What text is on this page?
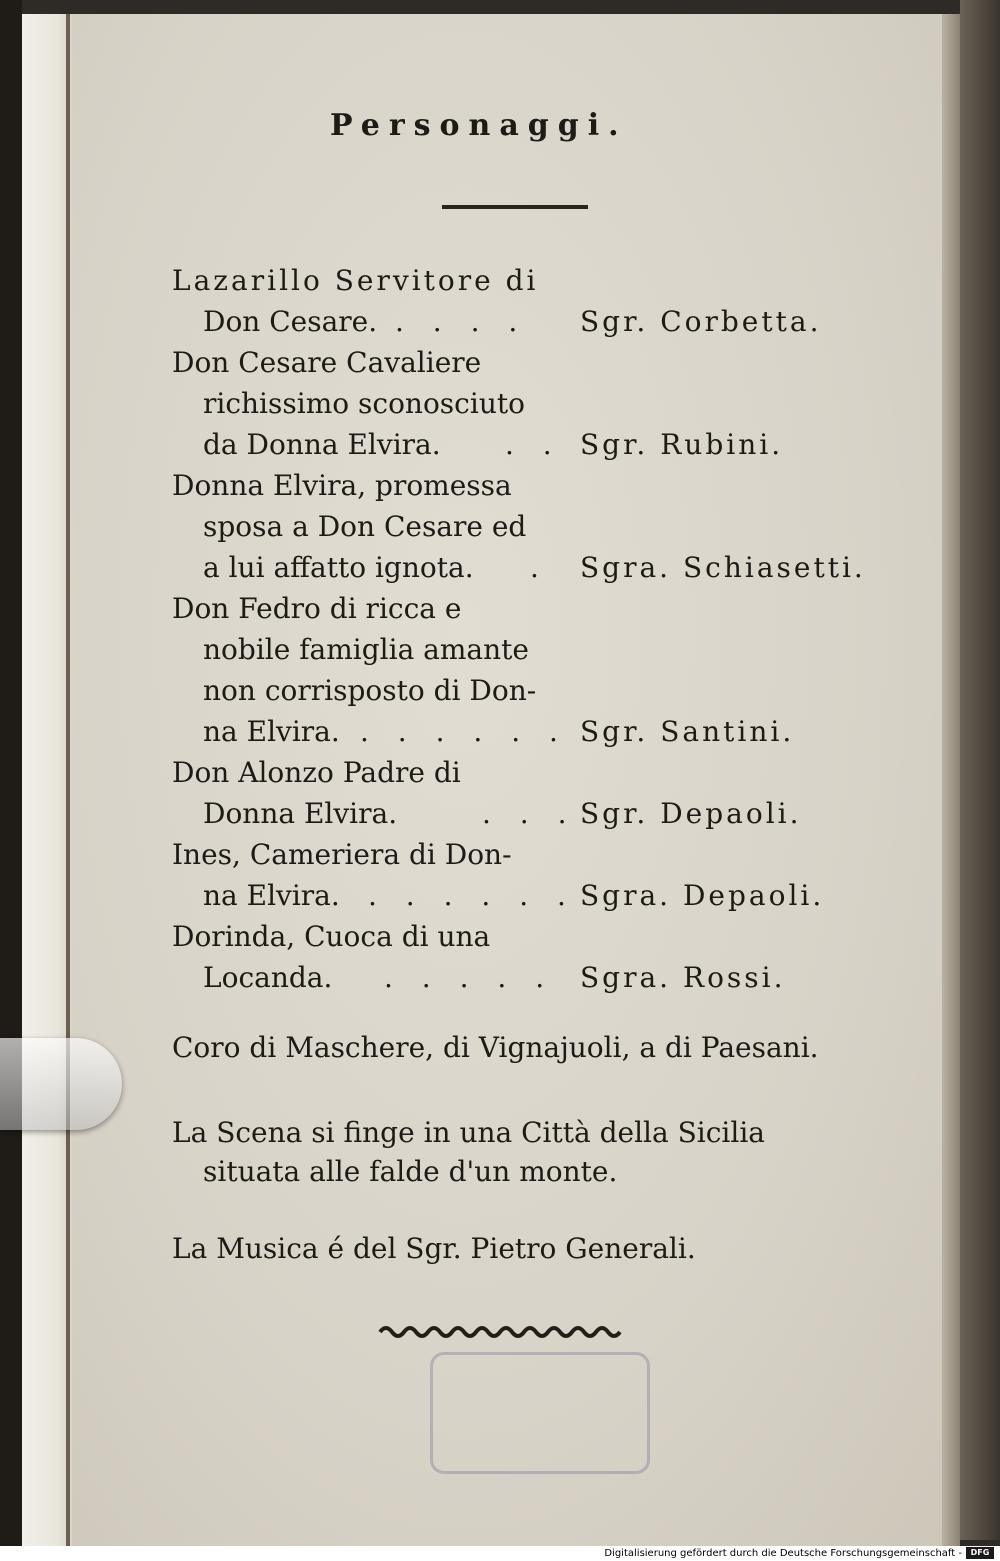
Personaggi.
Lazarillo Servitore di
Don Cesare. . . . . Sgr. Corbetta.
Don Cesare Cavaliere
richissimo sconosciuto
da Donna Elvira. . . Sgr. Rubini.
Donna Elvira, promessa
sposa a Don Cesare ed
a lui affatto ignota. . Sgra. Schiasetti.
Don Fedro di ricca e
nobile famiglia amante
non corrisposto di Don-
na Elvira. . . . . . . Sgr. Santini.
Don Alonzo Padre di
Donna Elvira.	. . . Sgr. Depaoli.
Ines, Cameriera di Don-
na Elvira. . . . . . . Sgra. Depaoli.
Dorinda, Cuoca di una
Locanda. . . . . . Sgra. Rossi.
Coro di Maschere, di Vignajuoli, a di Paesani.
La Scena si finge in una Città della Sicilia
situata alle falde d'un monte.
La Musica é del Sgr. Pietro Generali.
Digitalisierung gefördert durch die Deutsche Forschungsgemeinschaft -	DFG
